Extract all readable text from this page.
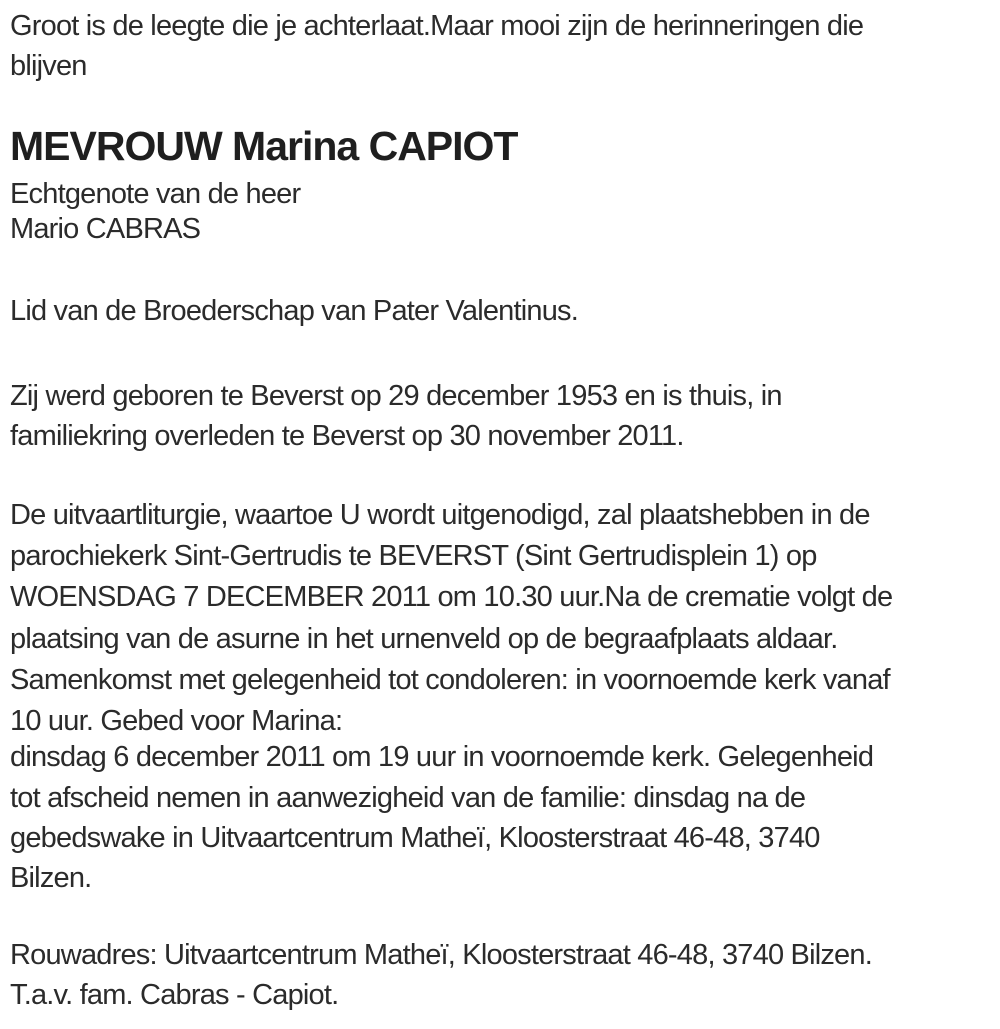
Groot is de leegte die je achterlaat.Maar mooi zijn de herinneringen die
blijven

MEVROUW Marina CAPIOT

Echtgenote van de heer
Mario CABRAS

Lid van de Broederschap van Pater Valentinus.

Zij werd geboren te Beverst op 29 december 1953 en is thuis, in
familiekring overleden te Beverst op 30 november 2011.

De uitvaartliturgie, waartoe U wordt uitgenodigd, zal plaatshebben in de
parochiekerk Sint-Gertrudis te BEVERST (Sint Gertrudisplein 1) op
WOENSDAG 7 DECEMBER 2011 om 10.30 uur.Na de crematie volgt de
plaatsing van de asurne in het urnenveld op de begraafplaats aldaar.
Samenkomst met gelegenheid tot condoleren: in voornoemde kerk vanaf
10 uur. Gebed voor Marina:

dinsdag 6 december 2011 om 19 uur in voornoemde kerk. Gelegenheid
tot afscheid nemen in aanwezigheid van de familie: dinsdag na de
gebedswake in Uitvaartcentrum Matheï, Kloosterstraat 46-48, 3740
Bilzen.

Rouwadres: Uitvaartcentrum Matheï, Kloosterstraat 46-48, 3740 Bilzen.
T.a.v. fam. Cabras - Capiot.
